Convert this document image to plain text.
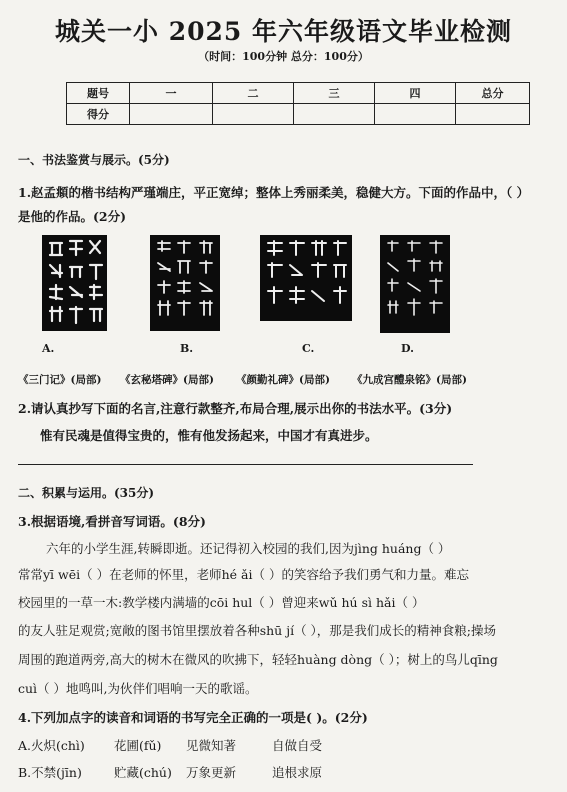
城关一小 2025 年六年级语文毕业检测
（时间：100分钟 总分：100分）
题号	一	二	三	四	总分
得分					
一、书法鉴赏与展示。(5分)
1.赵孟頫的楷书结构严瑾端庄，平正宽绰；整体上秀丽柔美，稳健大方。下面的作品中，（ ）
是他的作品。(2分)
A.	B.	C.	D.
《三门记》(局部) 《玄秘塔碑》(局部) 《颜勤礼碑》(局部) 《九成宫醴泉铭》(局部)
2.请认真抄写下面的名言,注意行款整齐,布局合理,展示出你的书法水平。(3分)
惟有民魂是值得宝贵的，惟有他发扬起来，中国才有真进步。
二、积累与运用。(35分)
3.根据语境,看拼音写词语。(8分)
六年的小学生涯,转瞬即逝。还记得初入校园的我们,因为jìng huáng（ ）
常常yī wēi（ ）在老师的怀里，老师hé ǎi（ ）的笑容给予我们勇气和力量。难忘
校园里的一草一木:教学楼内满墙的cōi hul（ ）曾迎来wǔ hú sì hǎi（ ）
的友人驻足观赏;宽敞的图书馆里摆放着各种shū jí（ ），那是我们成长的精神食粮;操场
周围的跑道两旁,高大的树木在微风的吹拂下，轻轻huàng dòng（ ）；树上的鸟儿qīng
cuì（ ）地鸣叫,为伙伴们唱响一天的歌谣。
4.下列加点字的读音和词语的书写完全正确的一项是( )。(2分)
A.火炽(chì) 花圃(fǔ) 见微知著	自做自受
B.不禁(jīn)	贮藏(chú) 万象更新	追根求原
